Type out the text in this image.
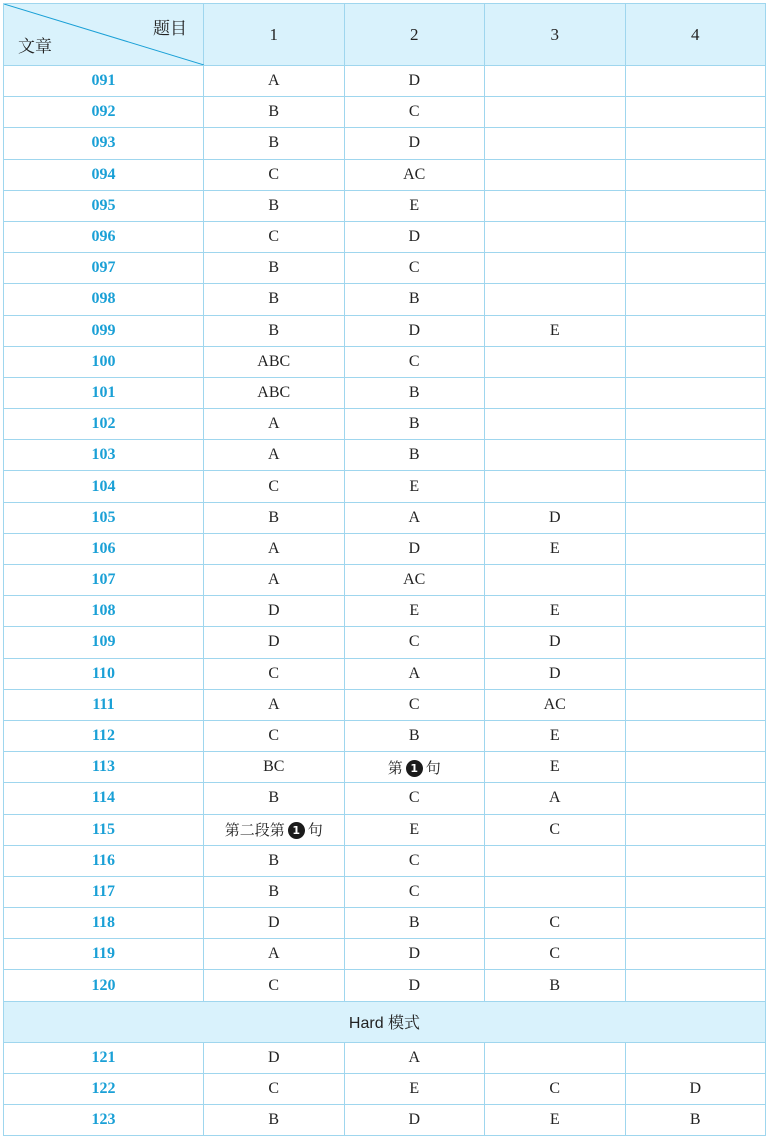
题目
文章	1	2	3	4
091	A	D		
092	B	C		
093	B	D		
094	C	AC		
095	B	E		
096	C	D		
097	B	C		
098	B	B		
099	B	D	E	
100	ABC	C		
101	ABC	B		
102	A	B		
103	A	B		
104	C	E		
105	B	A	D	
106	A	D	E	
107	A	AC		
108	D	E	E	
109	D	C	D	
110	C	A	D	
111	A	C	AC	
112	C	B	E	
113	BC	第 1 句	E	
114	B	C	A	
115	第二段第 1 句	E	C	
116	B	C		
117	B	C		
118	D	B	C	
119	A	D	C	
120	C	D	B	
Hard 模式				
121	D	A		
122	C	E	C	D
123	B	D	E	B
